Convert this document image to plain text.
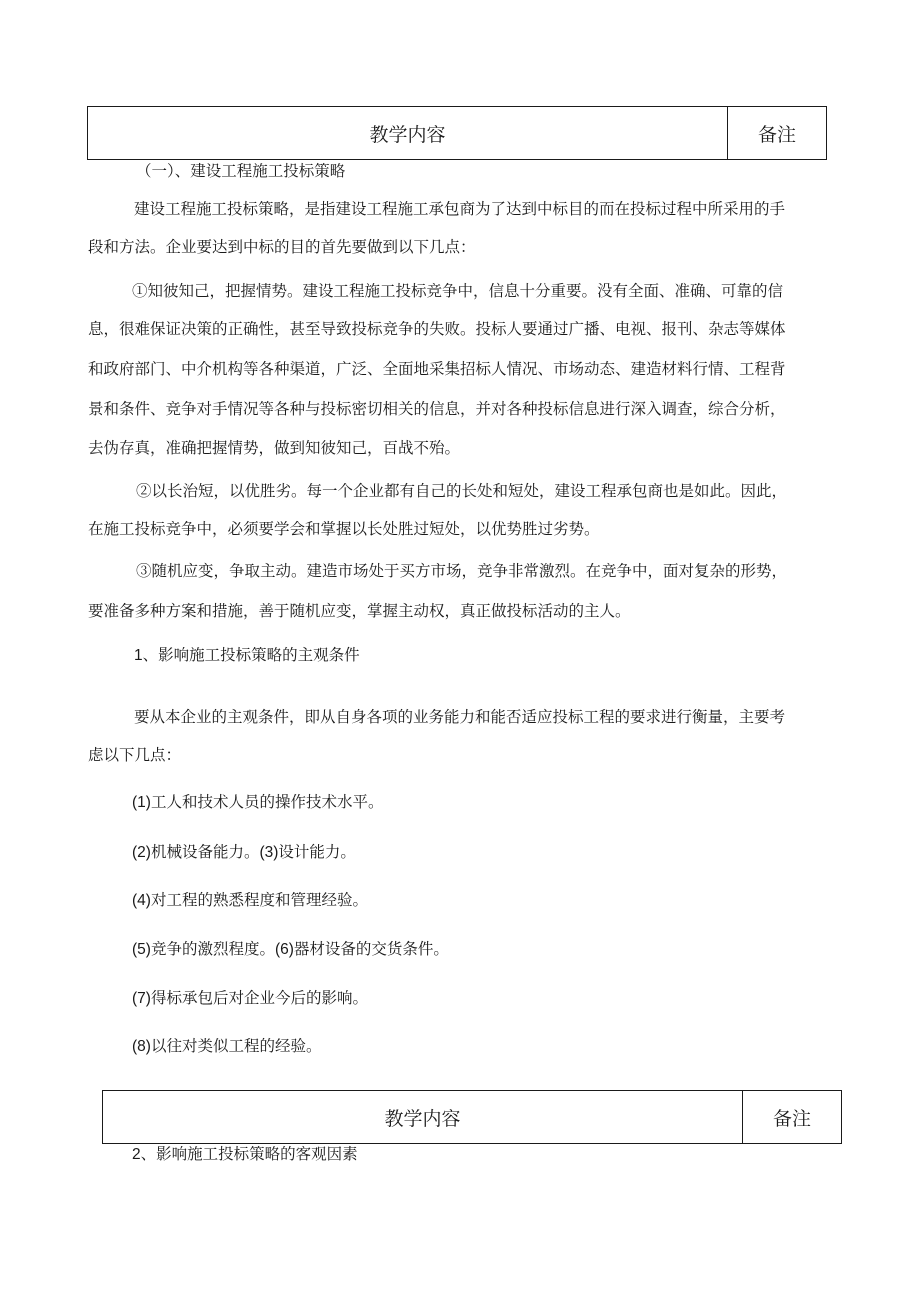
教学内容	备注

（一）、建设工程施工投标策略

建设工程施工投标策略，是指建设工程施工承包商为了达到中标目的而在投标过程中所采用的手

段和方法。企业要达到中标的目的首先要做到以下几点：

①知彼知己，把握情势。建设工程施工投标竞争中，信息十分重要。没有全面、准确、可靠的信

息，很难保证决策的正确性，甚至导致投标竞争的失败。投标人要通过广播、电视、报刊、杂志等媒体

和政府部门、中介机构等各种渠道，广泛、全面地采集招标人情况、市场动态、建造材料行情、工程背

景和条件、竞争对手情况等各种与投标密切相关的信息，并对各种投标信息进行深入调查，综合分析，

去伪存真，准确把握情势，做到知彼知己，百战不殆。

②以长治短，以优胜劣。每一个企业都有自己的长处和短处，建设工程承包商也是如此。因此，

在施工投标竞争中，必须要学会和掌握以长处胜过短处，以优势胜过劣势。

③随机应变，争取主动。建造市场处于买方市场，竞争非常激烈。在竞争中，面对复杂的形势，

要准备多种方案和措施，善于随机应变，掌握主动权，真正做投标活动的主人。

1、影响施工投标策略的主观条件

要从本企业的主观条件，即从自身各项的业务能力和能否适应投标工程的要求进行衡量，主要考

虑以下几点：

(1)工人和技术人员的操作技术水平。

(2)机械设备能力。(3)设计能力。

(4)对工程的熟悉程度和管理经验。

(5)竞争的激烈程度。(6)器材设备的交货条件。

(7)得标承包后对企业今后的影响。

(8)以往对类似工程的经验。

教学内容	备注

2、影响施工投标策略的客观因素
